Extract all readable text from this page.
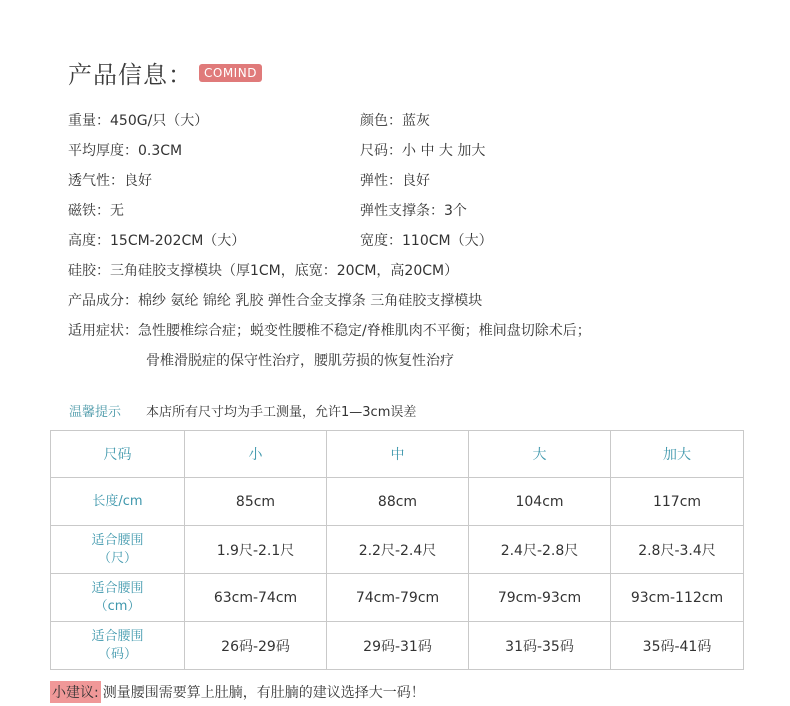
产品信息： COMIND
重量：450G/只（大）	颜色：蓝灰
平均厚度：0.3CM	尺码：小 中 大 加大
透气性：良好	弹性：良好
磁铁：无	弹性支撑条：3个
高度：15CM-202CM（大）	宽度：110CM（大）
硅胶：三角硅胶支撑模块（厚1CM，底宽：20CM，高20CM）
产品成分：棉纱 氨纶 锦纶 乳胶 弹性合金支撑条 三角硅胶支撑模块
适用症状：急性腰椎综合症；蜕变性腰椎不稳定/脊椎肌肉不平衡；椎间盘切除术后；
骨椎滑脱症的保守性治疗，腰肌劳损的恢复性治疗
温馨提示 本店所有尺寸均为手工测量，允许1—3cm误差
尺码	小	中	大	加大

长度/cm	85cm	88cm	104cm	117cm

适合腰围
（尺）	1.9尺-2.1尺	2.2尺-2.4尺	2.4尺-2.8尺	2.8尺-3.4尺

适合腰围
（cm）	63cm-74cm	74cm-79cm	79cm-93cm	93cm-112cm

适合腰围
（码）	26码-29码	29码-31码	31码-35码	35码-41码
小建议: 测量腰围需要算上肚腩，有肚腩的建议选择大一码！
